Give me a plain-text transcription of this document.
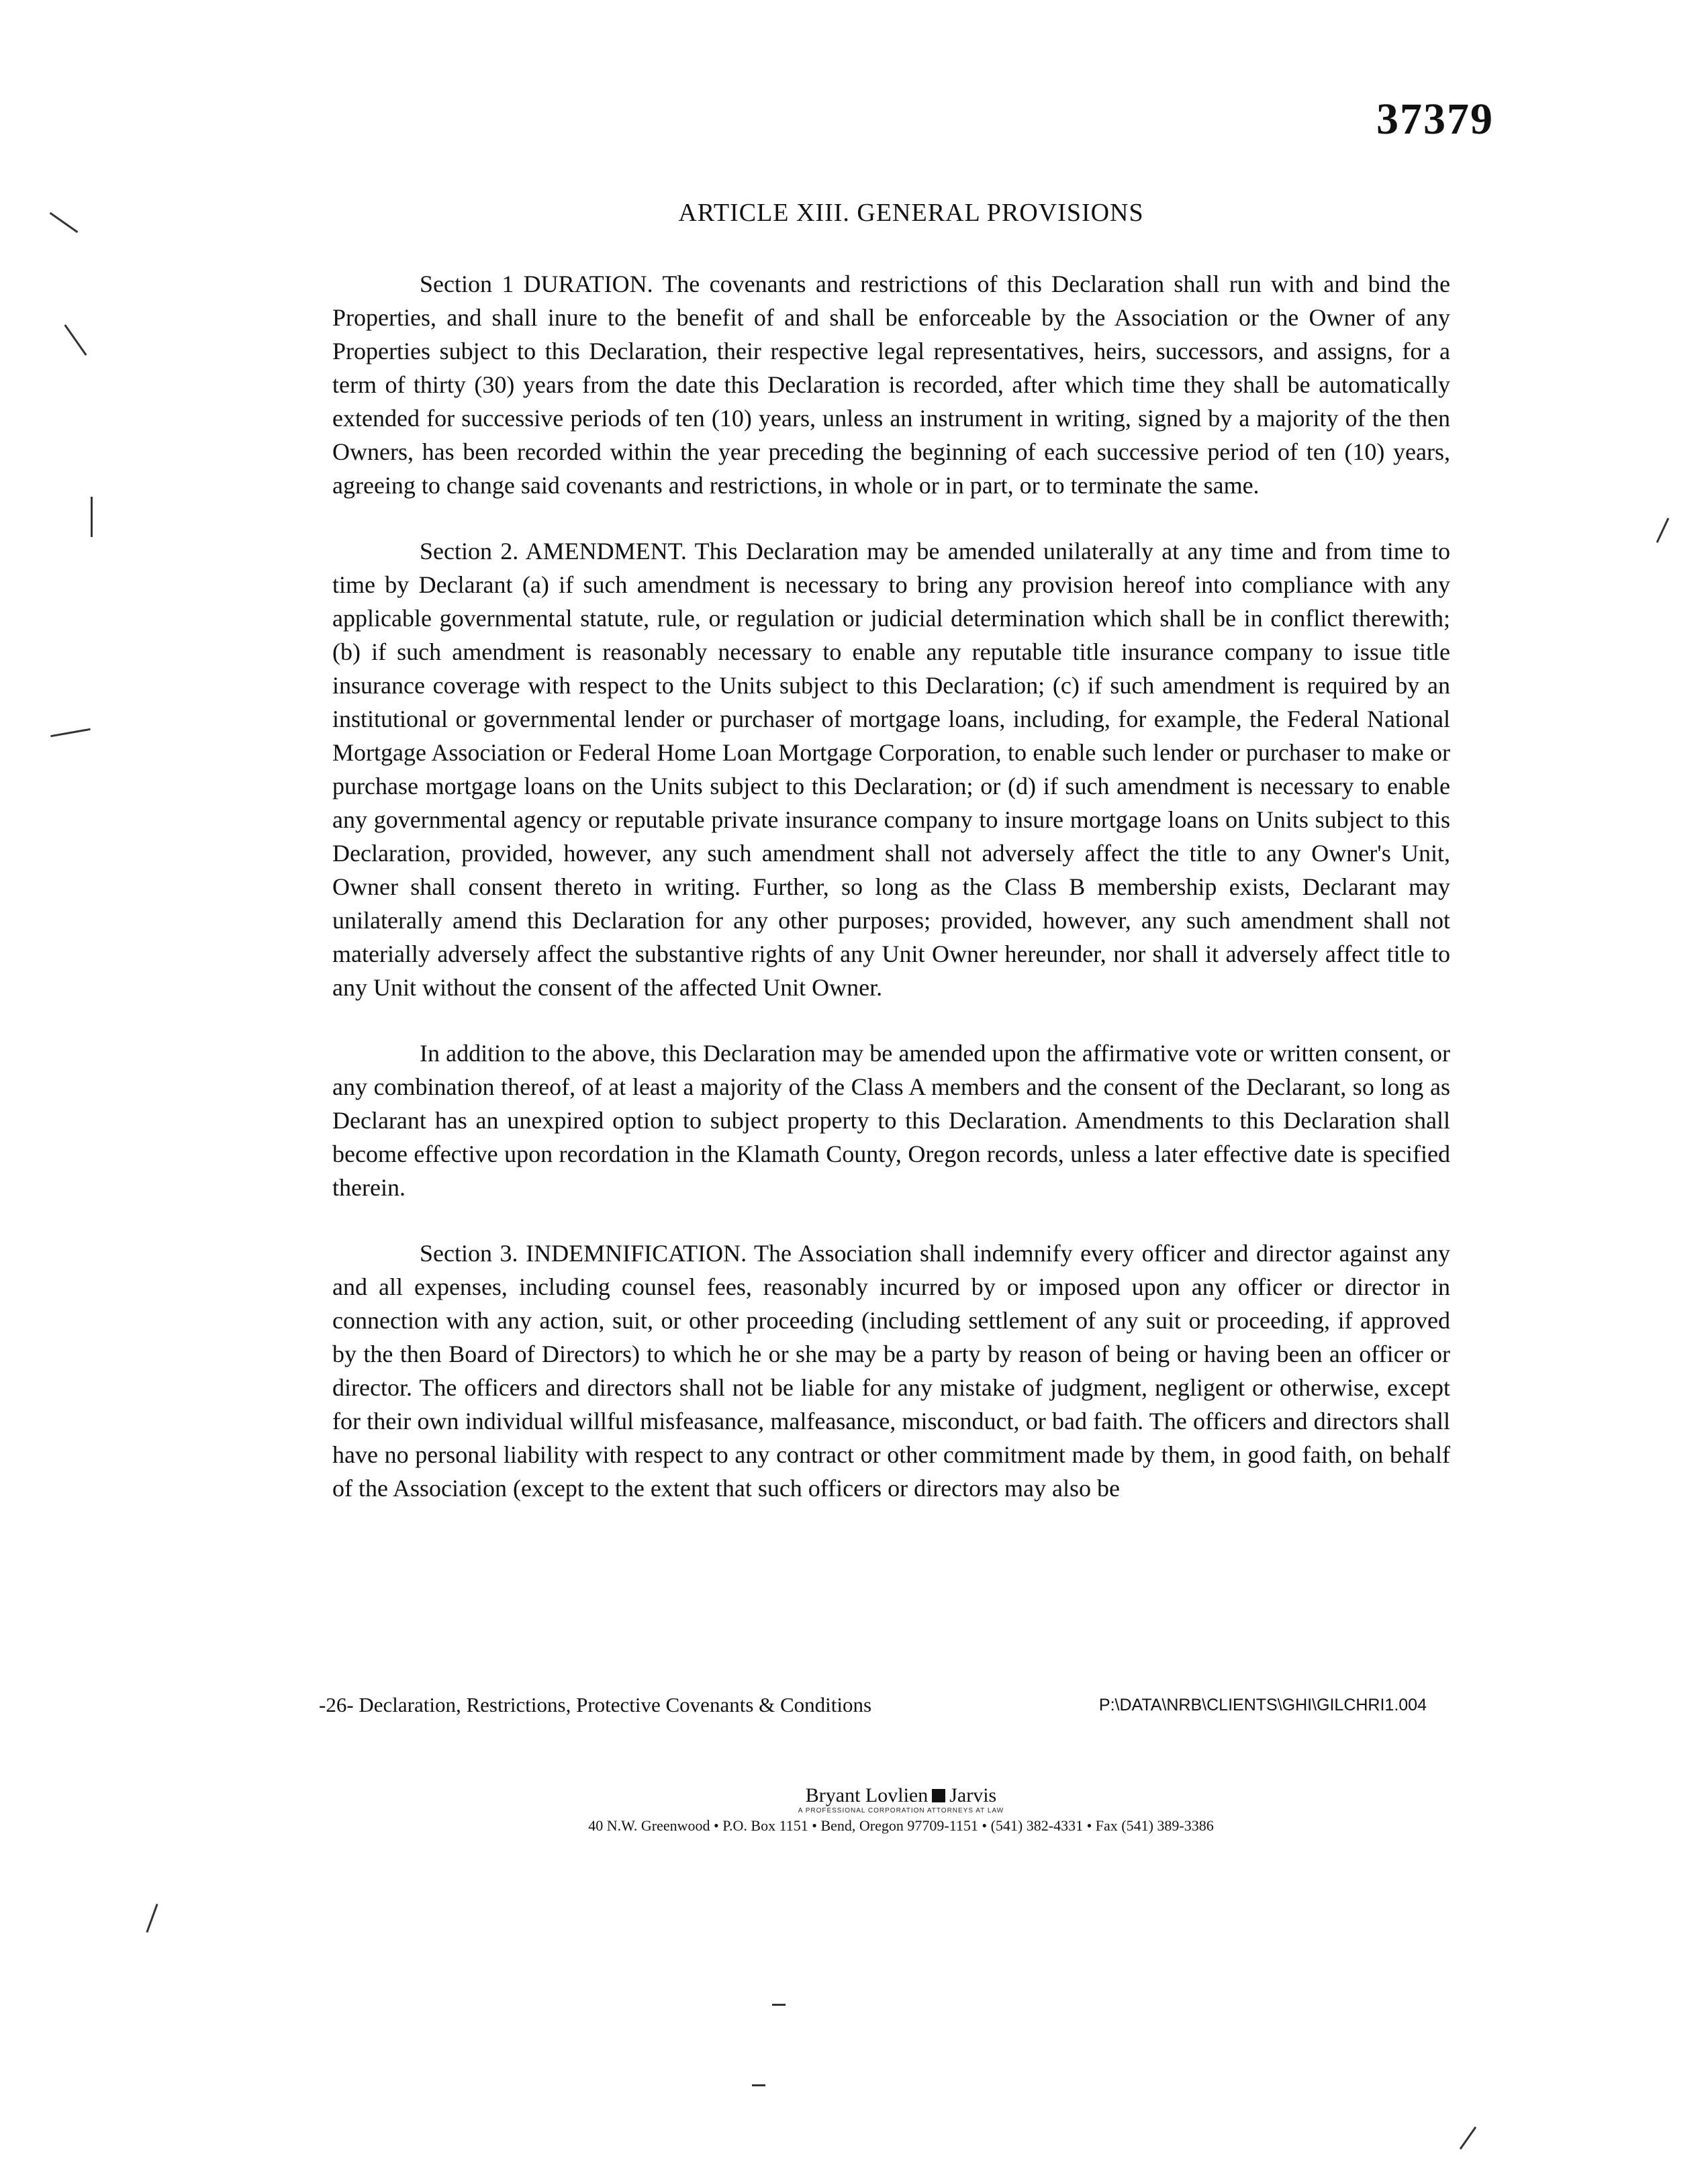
37379
ARTICLE XIII. GENERAL PROVISIONS

Section 1 DURATION. The covenants and restrictions of this Declaration shall run with and bind the Properties, and shall inure to the benefit of and shall be enforceable by the Association or the Owner of any Properties subject to this Declaration, their respective legal representatives, heirs, successors, and assigns, for a term of thirty (30) years from the date this Declaration is recorded, after which time they shall be automatically extended for successive periods of ten (10) years, unless an instrument in writing, signed by a majority of the then Owners, has been recorded within the year preceding the beginning of each successive period of ten (10) years, agreeing to change said covenants and restrictions, in whole or in part, or to terminate the same.

Section 2. AMENDMENT. This Declaration may be amended unilaterally at any time and from time to time by Declarant (a) if such amendment is necessary to bring any provision hereof into compliance with any applicable governmental statute, rule, or regulation or judicial determination which shall be in conflict therewith; (b) if such amendment is reasonably necessary to enable any reputable title insurance company to issue title insurance coverage with respect to the Units subject to this Declaration; (c) if such amendment is required by an institutional or governmental lender or purchaser of mortgage loans, including, for example, the Federal National Mortgage Association or Federal Home Loan Mortgage Corporation, to enable such lender or purchaser to make or purchase mortgage loans on the Units subject to this Declaration; or (d) if such amendment is necessary to enable any governmental agency or reputable private insurance company to insure mortgage loans on Units subject to this Declaration, provided, however, any such amendment shall not adversely affect the title to any Owner's Unit, Owner shall consent thereto in writing. Further, so long as the Class B membership exists, Declarant may unilaterally amend this Declaration for any other purposes; provided, however, any such amendment shall not materially adversely affect the substantive rights of any Unit Owner hereunder, nor shall it adversely affect title to any Unit without the consent of the affected Unit Owner.

In addition to the above, this Declaration may be amended upon the affirmative vote or written consent, or any combination thereof, of at least a majority of the Class A members and the consent of the Declarant, so long as Declarant has an unexpired option to subject property to this Declaration. Amendments to this Declaration shall become effective upon recordation in the Klamath County, Oregon records, unless a later effective date is specified therein.

Section 3. INDEMNIFICATION. The Association shall indemnify every officer and director against any and all expenses, including counsel fees, reasonably incurred by or imposed upon any officer or director in connection with any action, suit, or other proceeding (including settlement of any suit or proceeding, if approved by the then Board of Directors) to which he or she may be a party by reason of being or having been an officer or director. The officers and directors shall not be liable for any mistake of judgment, negligent or otherwise, except for their own individual willful misfeasance, malfeasance, misconduct, or bad faith. The officers and directors shall have no personal liability with respect to any contract or other commitment made by them, in good faith, on behalf of the Association (except to the extent that such officers or directors may also be

-26- Declaration, Restrictions, Protective Covenants & Conditions	P:\DATA\NRB\CLIENTS\GHI\GILCHRI1.004
Bryant Lovlien Jarvis
A PROFESSIONAL CORPORATION ATTORNEYS AT LAW
40 N.W. Greenwood • P.O. Box 1151 • Bend, Oregon 97709-1151 • (541) 382-4331 • Fax (541) 389-3386
